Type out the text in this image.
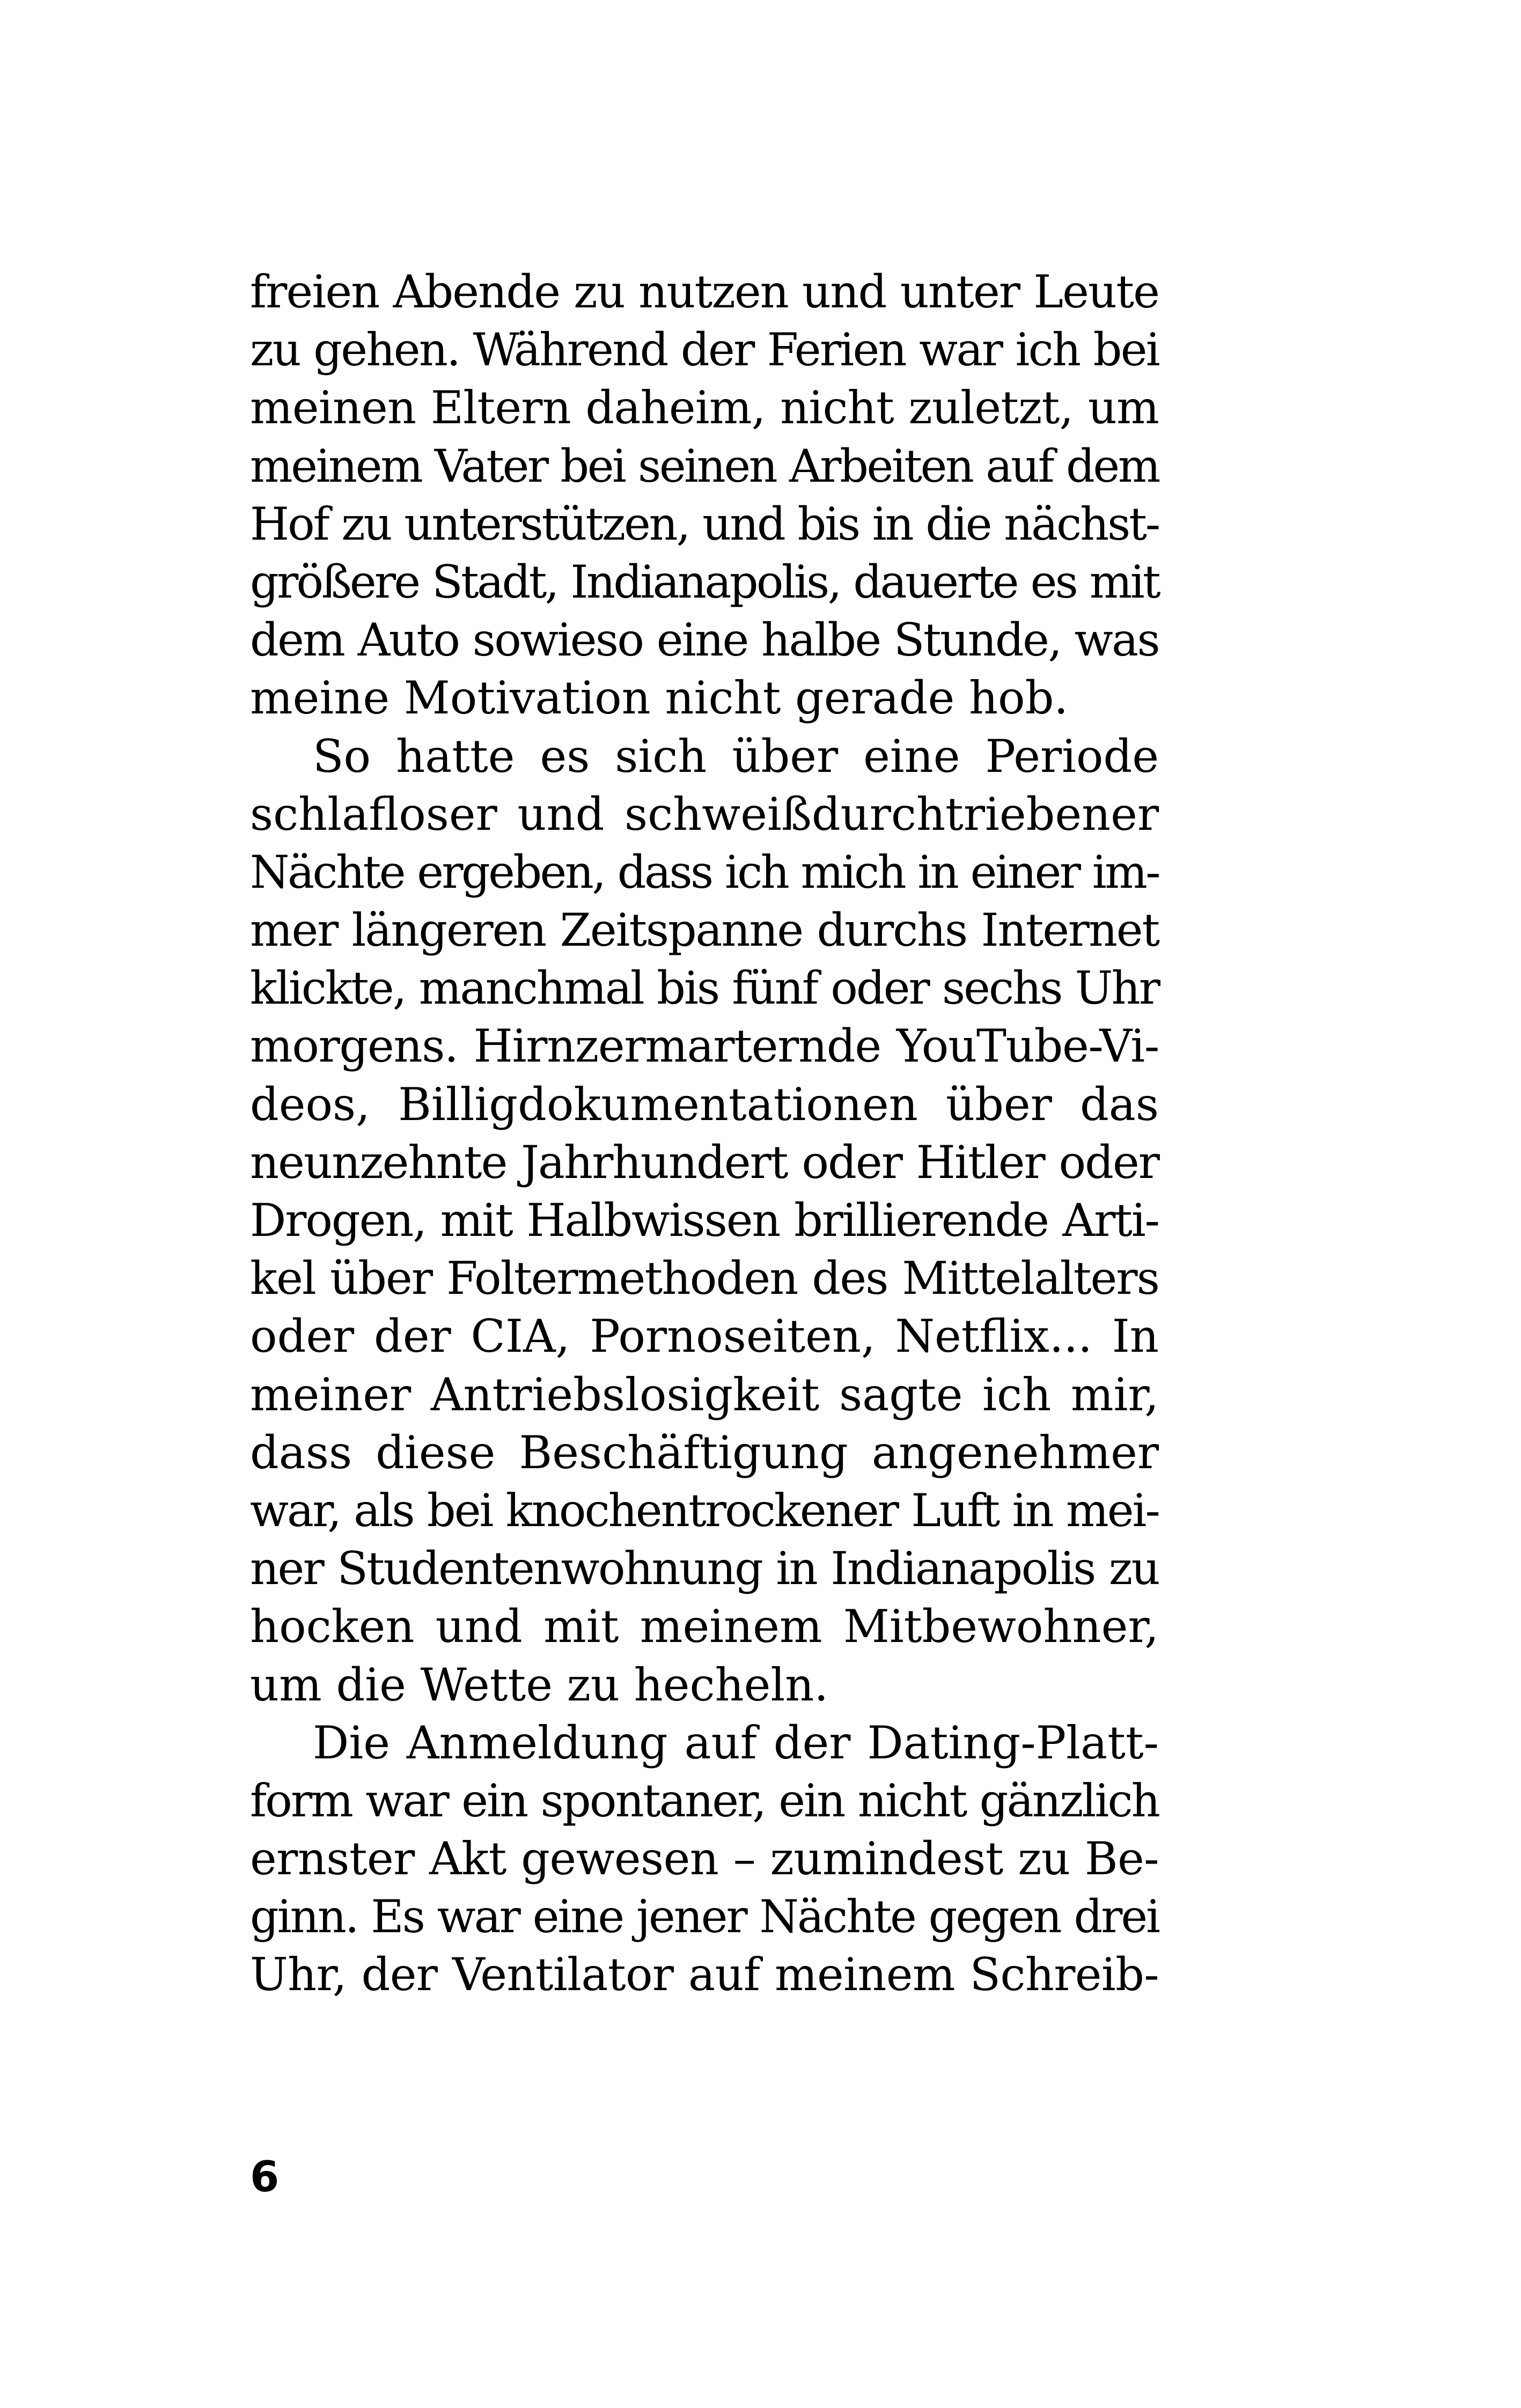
freien Abende zu nutzen und unter Leute
zu gehen. Während der Ferien war ich bei
meinen Eltern daheim, nicht zuletzt, um
meinem Vater bei seinen Arbeiten auf dem
Hof zu unterstützen, und bis in die nächst-
größere Stadt, Indianapolis, dauerte es mit
dem Auto sowieso eine halbe Stunde, was
meine Motivation nicht gerade hob.
So hatte es sich über eine Periode
schlafloser und schweißdurchtriebener
Nächte ergeben, dass ich mich in einer im-
mer längeren Zeitspanne durchs Internet
klickte, manchmal bis fünf oder sechs Uhr
morgens. Hirnzermarternde YouTube-Vi-
deos, Billigdokumentationen über das
neunzehnte Jahrhundert oder Hitler oder
Drogen, mit Halbwissen brillierende Arti-
kel über Foltermethoden des Mittelalters
oder der CIA, Pornoseiten, Netflix... In
meiner Antriebslosigkeit sagte ich mir,
dass diese Beschäftigung angenehmer
war, als bei knochentrockener Luft in mei-
ner Studentenwohnung in Indianapolis zu
hocken und mit meinem Mitbewohner,
um die Wette zu hecheln.
Die Anmeldung auf der Dating-Platt-
form war ein spontaner, ein nicht gänzlich
ernster Akt gewesen – zumindest zu Be-
ginn. Es war eine jener Nächte gegen drei
Uhr, der Ventilator auf meinem Schreib-
6
